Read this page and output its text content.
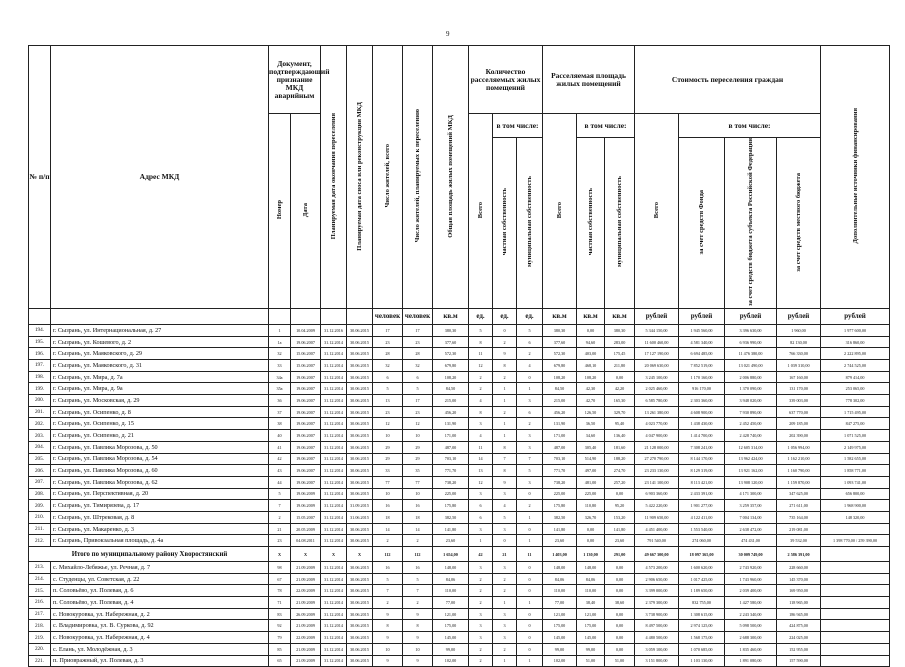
9
№ п/п	Адрес МКД	Документ, подтверждающий признание МКД аварийным		Планируемая дата окончания переселения	Планируемая дата сноса или реконструкции МКД	Число жителей, всего	Число жителей, планируемых к переселению	Общая площадь жилых помещений МКД	Количество расселяемых жилых помещений			Расселяемая площадь жилых помещений			Стоимость переселения граждан				Дополнительные источники финансирования
		Номер	Дата						Всего	в том числе:		Всего	в том числе:		Всего	в том числе:			
										частная собственность	муниципальная собственность		частная собственность	муниципальная собственность		за счет средств Фонда	за счет средств бюджета субъекта Российской Федерации	за счет средств местного бюджета	
						человек	человек	кв.м	ед.	ед.	ед.	кв.м	кв.м	кв.м	рублей	рублей	рублей	рублей	рублей
194.	г. Сызрань, ул. Интернациональная, д. 27	1	10.04.2009	31.12.2016	30.06.2015	17	17	380,30	5	0	5	380,30	0,00	380,30	5 344 150,00	1 945 560,00	3 396 630,00	1 960,00	1 977 600,00
195.	г. Сызрань, ул. Кошевого, д. 2	1а	19.06.2007	31.12.2014	30.06.2015	23	23	377,60	8	2	6	377,60	94,60	283,00	11 600 460,00	4 581 340,00	6 936 990,00	82 130,00	316 860,00
196.	г. Сызрань, ул. Маяковского, д. 29	32	15.06.2007	31.12.2014	30.06.2015	28	28	572,30	11	9	2	572,30	403,00	175,45	17 127 190,00	6 694 485,00	11 476 380,00	766 330,00	2 222 895,00
197.	г. Сызрань, ул. Маяковского, д. 31	33	15.06.2007	31.12.2014	30.06.2015	32	32	679,80	12	8	4	679,80	468,10	211,80	20 069 630,00	7 852 519,00	13 021 490,00	1 039 310,00	2 744 525,00
198.	г. Сызрань, ул. Мира, д. 7а	34а	19.06.2007	31.12.2014	30.06.2015	6	6	108,20	2	2	0	108,20	108,20	0,00	3 245 100,00	1 170 160,00	2 006 880,00	167 160,00	879 414,00
199.	г. Сызрань, ул. Мира, д. 9а	35а	19.06.2007	31.12.2014	30.06.2015	5	5	84,50	2	1	1	84,50	42,30	42,20	2 025 460,00	916 170,00	1 370 090,00	131 170,00	253 065,00
200.	г. Сызрань, ул. Московская, д. 29	36	19.06.2007	31.12.2014	30.06.2015	13	17	215,00	4	1	3	215,00	42,70	165,30	6 585 780,00	2 303 360,00	3 948 020,00	339 003,00	778 302,00
201.	г. Сызрань, ул. Осипенко, д. 8	37	19.06.2007	31.12.2014	30.06.2015	23	23	456,20	8	2	6	456,20	126,50	329,70	13 261 380,00	4 608 900,00	7 930 890,00	637 770,00	1 715 495,00
202.	г. Сызрань, ул. Осипенко, д. 15	38	19.06.2007	31.12.2014	30.06.2015	12	12	131,90	3	1	2	131,90	36,50	95,40	4 023 770,00	1 438 430,00	2 452 450,00	209 185,00	847 275,00
203.	г. Сызрань, ул. Осипенко, д. 21	40	19.06.2007	31.12.2014	30.06.2015	10	10	171,00	4	1	3	171,00	34,60	136,40	4 047 900,00	1 414 700,00	2 428 740,00	202 390,00	1 071 525,00
204.	г. Сызрань, ул. Павлика Морозова, д. 50	41	19.06.2007	31.12.2014	30.06.2015	29	29	487,00	11	8	3	487,00	305,40	181,60	21 128 000,00	7 308 241,00	12 605 314,00	1 056 994,00	2 149 975,00
205.	г. Сызрань, ул. Павлика Морозова, д. 54	42	19.06.2007	31.12.2014	30.06.2015	29	29	703,10	14	7	7	703,10	514,90	188,20	27 270 790,00	8 144 170,00	13 962 424,00	1 162 210,00	1 582 655,00
206.	г. Сызрань, ул. Павлика Морозова, д. 60	43	19.06.2007	31.12.2014	30.06.2015	33	35	771,70	13	8	5	771,70	497,00	274,70	23 233 130,00	8 129 319,00	13 921 162,00	1 160 790,00	1 858 771,00
207.	г. Сызрань, ул. Павлика Морозова, д. 62	44	19.06.2007	31.12.2014	30.06.2015	77	77	738,20	12	9	3	738,20	481,00	257,20	23 141 100,00	8 113 421,00	13 908 120,00	1 159 870,00	1 093 741,00
208.	г. Сызрань, ул. Перспективная, д. 20	5	19.06.2009	31.12.2014	30.06.2015	10	10	225,00	3	3	0	225,00	225,00	0,00	6 903 360,00	2 433 391,00	4 171 300,00	347 625,00	656 800,00
209.	г. Сызрань, ул. Тимирязева, д. 17	7	19.06.2009	31.12.2014	31.09.2015	16	16	175,80	6	4	2	175,80	110,80	95,20	5 422 220,00	1 901 277,00	3 259 357,00	271 611,00	1 968 900,00
210.	г. Сызрань, ул. Штрековая, д. 8	2	15.05.2007	31.12.2014	31.06.2015	18	18	382,50	6	5	1	382,50	326,70	153,20	11 909 650,00	4 122 411,00	7 004 134,00	735 164,00	148 320,00
211.	г. Сызрань, ул. Макаренко, д. 3	21	20.05.2009	31.12.2014	30.06.2015	14	14	141,80	3	3	0	141,80	0,00	141,80	4 451 400,00	1 553 540,00	2 638 472,00	219 081,00	
212.	г. Сызрань, Привокзальная площадь, д. 4а	23	04.08.2011	31.12.2014	30.06.2015	2	2	23,60	1	0	1	23,60	0,00	23,60	791 540,00	274 060,00	474 431,00	39 532,00	1 398 770,00 / 259 390,00
Итого по муниципальному району Хворостянский		X	X	X	X	112	112	1 654,00	42	21	11	1 403,00	1 130,00	291,00	49 667 300,00	18 097 365,00	30 009 749,00	2 586 391,00	
213.	с. Михайло-Лебяжье, ул. Речная, д. 7	98	21.09.2009	31.12.2014	30.06.2015	16	16	148,00	3	3	0	148,00	148,00	0,00	4 573 200,00	1 600 620,00	2 743 920,00	228 660,00	
214.	с. Студенцы, ул. Советская, д. 22	67	21.09.2009	31.12.2014	30.06.2015	5	5	84,06	2	2	0	84,06	84,06	0,00	2 906 650,00	1 017 425,00	1 743 960,00	145 370,00	
215.	п. Соловьёво, ул. Полевая, д. 6	78	22.09.2009	31.12.2014	30.06.2015	7	7	110,00	2	2	0	110,00	110,00	0,00	3 399 000,00	1 189 650,00	2 039 400,00	169 950,00	
216.	п. Соловьёво, ул. Полевая, д. 4	71	21.09.2009	31.12.2014	30.06.2015	2	2	77,00	2	1	1	77,00	38,40	38,60	2 379 300,00	832 755,00	1 427 580,00	118 965,00	
217.	с. Новокуровка, ул. Набережная, д. 2	83	26.09.2009	31.12.2014	30.06.2015	9	9	121,00	3	3	0	121,00	121,00	0,00	3 738 900,00	1 308 615,00	2 243 340,00	186 945,00	
218.	с. Владимировка, ул. В. Суркова, д. 92	92	21.09.2009	31.12.2014	30.06.2015	8	8	175,00	3	3	0	175,00	175,00	0,00	8 497 500,00	2 974 125,00	5 098 500,00	424 875,00	
219.	с. Новокуровка, ул. Набережная, д. 4	79	22.09.2009	31.12.2014	30.06.2015	9	9	145,00	3	3	0	145,00	145,00	0,00	4 480 500,00	1 568 175,00	2 688 300,00	224 025,00	
220.	с. Елань, ул. Молодёжная, д. 3	85	21.09.2009	31.12.2014	30.06.2015	10	10	99,00	2	2	0	99,00	99,00	0,00	3 059 100,00	1 070 685,00	1 835 460,00	152 955,00	
221.	п. Приовражный, ул. Полевая, д. 3	65	21.09.2009	31.12.2014	30.06.2015	9	9	102,00	2	1	1	102,00	51,00	51,00	3 151 800,00	1 103 130,00	1 891 080,00	157 590,00	
